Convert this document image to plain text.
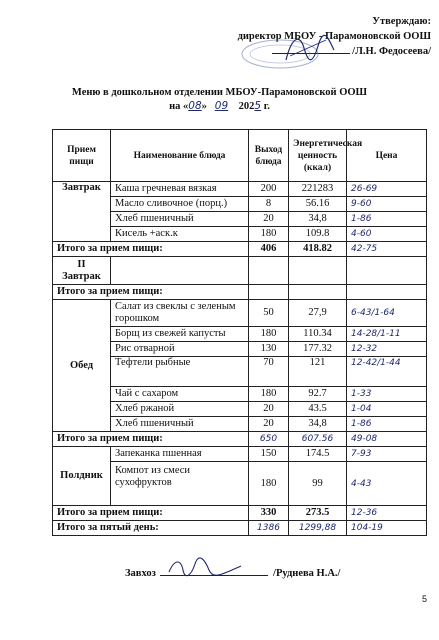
Утверждаю:
директор МБОУ - Парамоновской ООШ
/Л.Н. Федосеева/
Меню в дошкольном отделении МБОУ-Парамоновской ООШ
на «08» 09 2025 г.
Прием пищи	Наименование блюда	Выход блюда	Энергетическая ценность (ккал)	Цена
Завтрак	Каша гречневая вязкая	200	221283	26-69
	Масло сливочное (порц.)	8	56.16	9-60
	Хлеб пшеничный	20	34,8	1-86
	Кисель +аск.к	180	109.8	4-60
Итого за прием пищи:		406	418.82	42-75
II Завтрак				
Итого за прием пищи:				
Обед	Салат из свеклы с зеленым горошком	50	27,9	6-43/1-64
	Борщ из свежей капусты	180	110.34	14-28/1-11
	Рис отварной	130	177.32	12-32
	Тефтели рыбные	70	121	12-42/1-44
	Чай с сахаром	180	92.7	1-33
	Хлеб ржаной	20	43.5	1-04
	Хлеб пшеничный	20	34,8	1-86
Итого за прием пищи:		650	607.56	49-08
Полдник	Запеканка пшенная	150	174.5	7-93
	Компот из смеси сухофруктов	180	99	4-43
Итого за прием пищи:		330	273.5	12-36
Итого за пятый день:		1386	1299,88	104-19
Завхоз	/Руднева Н.А./
5
